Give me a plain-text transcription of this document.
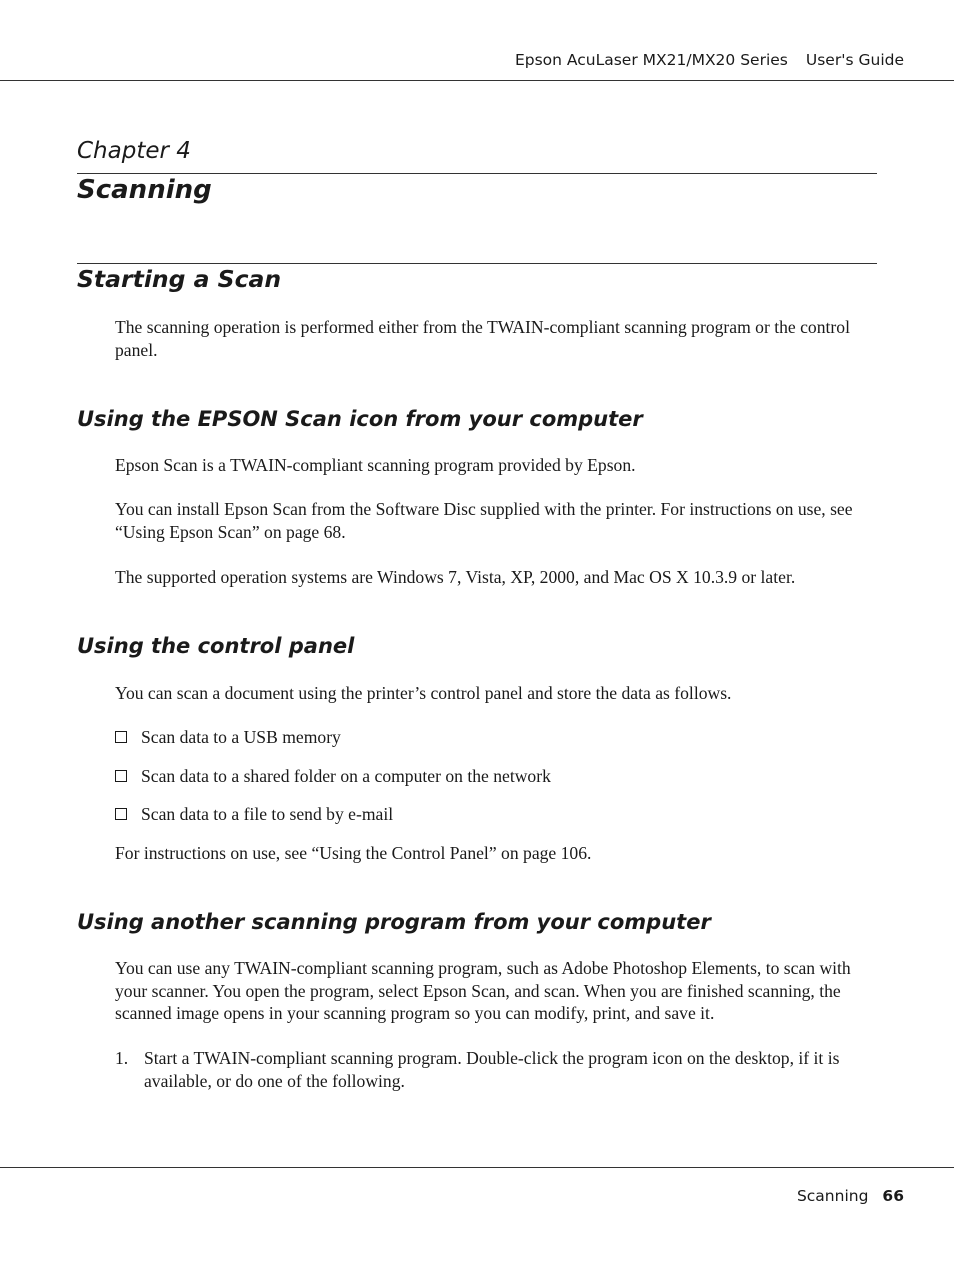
Epson AcuLaser MX21/MX20 Series User's Guide
Chapter 4
Scanning
Starting a Scan
The scanning operation is performed either from the TWAIN-compliant scanning program or the control panel.
Using the EPSON Scan icon from your computer
Epson Scan is a TWAIN-compliant scanning program provided by Epson.
You can install Epson Scan from the Software Disc supplied with the printer. For instructions on use, see “Using Epson Scan” on page 68.
The supported operation systems are Windows 7, Vista, XP, 2000, and Mac OS X 10.3.9 or later.
Using the control panel
You can scan a document using the printer’s control panel and store the data as follows.
Scan data to a USB memory
Scan data to a shared folder on a computer on the network
Scan data to a file to send by e-mail
For instructions on use, see “Using the Control Panel” on page 106.
Using another scanning program from your computer
You can use any TWAIN-compliant scanning program, such as Adobe Photoshop Elements, to scan with your scanner. You open the program, select Epson Scan, and scan. When you are finished scanning, the scanned image opens in your scanning program so you can modify, print, and save it.
1. Start a TWAIN-compliant scanning program. Double-click the program icon on the desktop, if it is available, or do one of the following.
Scanning 66
